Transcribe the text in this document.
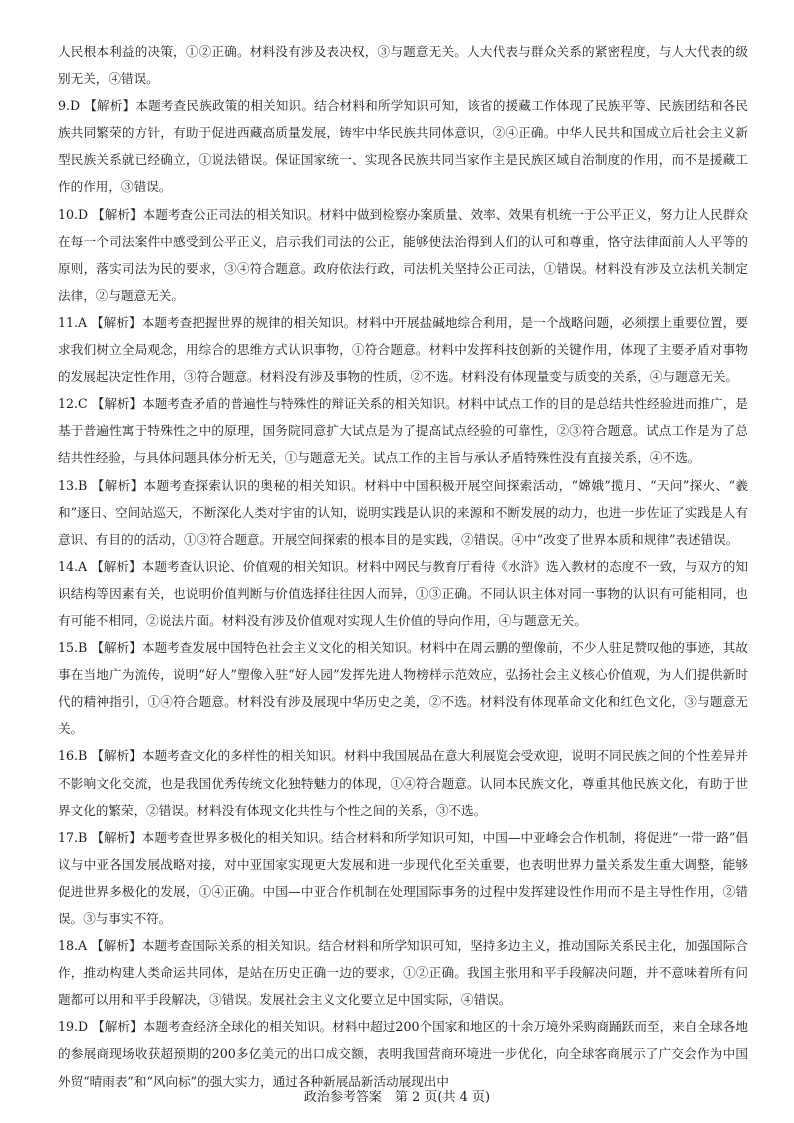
人民根本利益的决策，①②正确。材料没有涉及表决权，③与题意无关。人大代表与群众关系的紧密程度，与人大代表的级别无关，④错误。

9.D 【解析】本题考查民族政策的相关知识。结合材料和所学知识可知，该省的援藏工作体现了民族平等、民族团结和各民族共同繁荣的方针，有助于促进西藏高质量发展，铸牢中华民族共同体意识，②④正确。中华人民共和国成立后社会主义新型民族关系就已经确立，①说法错误。保证国家统一、实现各民族共同当家作主是民族区域自治制度的作用，而不是援藏工作的作用，③错误。

10.D 【解析】本题考查公正司法的相关知识。材料中做到检察办案质量、效率、效果有机统一于公平正义，努力让人民群众在每一个司法案件中感受到公平正义，启示我们司法的公正，能够使法治得到人们的认可和尊重，恪守法律面前人人平等的原则，落实司法为民的要求，③④符合题意。政府依法行政，司法机关坚持公正司法，①错误。材料没有涉及立法机关制定法律，②与题意无关。

11.A 【解析】本题考查把握世界的规律的相关知识。材料中开展盐碱地综合利用，是一个战略问题，必须摆上重要位置，要求我们树立全局观念，用综合的思维方式认识事物，①符合题意。材料中发挥科技创新的关键作用，体现了主要矛盾对事物的发展起决定性作用，③符合题意。材料没有涉及事物的性质，②不选。材料没有体现量变与质变的关系，④与题意无关。

12.C 【解析】本题考查矛盾的普遍性与特殊性的辩证关系的相关知识。材料中试点工作的目的是总结共性经验进而推广，是基于普遍性寓于特殊性之中的原理，国务院同意扩大试点是为了提高试点经验的可靠性，②③符合题意。试点工作是为了总结共性经验，与具体问题具体分析无关，①与题意无关。试点工作的主旨与承认矛盾特殊性没有直接关系，④不选。

13.B 【解析】本题考查探索认识的奥秘的相关知识。材料中中国积极开展空间探索活动，“嫦娥”揽月、“天问”探火、“羲和”逐日、空间站巡天，不断深化人类对宇宙的认知，说明实践是认识的来源和不断发展的动力，也进一步佐证了实践是人有意识、有目的的活动，①③符合题意。开展空间探索的根本目的是实践，②错误。④中“改变了世界本质和规律”表述错误。

14.A 【解析】本题考查认识论、价值观的相关知识。材料中网民与教育厅看待《水浒》选入教材的态度不一致，与双方的知识结构等因素有关，也说明价值判断与价值选择往往因人而异，①③正确。不同认识主体对同一事物的认识有可能相同，也有可能不相同，②说法片面。材料没有涉及价值观对实现人生价值的导向作用，④与题意无关。

15.B 【解析】本题考查发展中国特色社会主义文化的相关知识。材料中在周云鹏的塑像前，不少人驻足赞叹他的事迹，其故事在当地广为流传，说明“好人”塑像入驻“好人园”发挥先进人物榜样示范效应，弘扬社会主义核心价值观，为人们提供新时代的精神指引，①④符合题意。材料没有涉及展现中华历史之美，②不选。材料没有体现革命文化和红色文化，③与题意无关。

16.B 【解析】本题考查文化的多样性的相关知识。材料中我国展品在意大利展览会受欢迎，说明不同民族之间的个性差异并不影响文化交流，也是我国优秀传统文化独特魅力的体现，①④符合题意。认同本民族文化，尊重其他民族文化，有助于世界文化的繁荣，②错误。材料没有体现文化共性与个性之间的关系，③不选。

17.B 【解析】本题考查世界多极化的相关知识。结合材料和所学知识可知，中国—中亚峰会合作机制，将促进“一带一路”倡议与中亚各国发展战略对接，对中亚国家实现更大发展和进一步现代化至关重要，也表明世界力量关系发生重大调整，能够促进世界多极化的发展，①④正确。中国—中亚合作机制在处理国际事务的过程中发挥建设性作用而不是主导性作用，②错误。③与事实不符。

18.A 【解析】本题考查国际关系的相关知识。结合材料和所学知识可知，坚持多边主义，推动国际关系民主化，加强国际合作，推动构建人类命运共同体，是站在历史正确一边的要求，①②正确。我国主张用和平手段解决问题，并不意味着所有问题都可以用和平手段解决，③错误。发展社会主义文化要立足中国实际，④错误。

19.D 【解析】本题考查经济全球化的相关知识。材料中超过200个国家和地区的十余万境外采购商踊跃而至，来自全球各地的参展商现场收获超预期的200多亿美元的出口成交额，表明我国营商环境进一步优化，向全球客商展示了广交会作为中国外贸“晴雨表”和“风向标”的强大实力，通过各种新展品新活动展现出中

政治参考答案　第 2 页(共 4 页)
